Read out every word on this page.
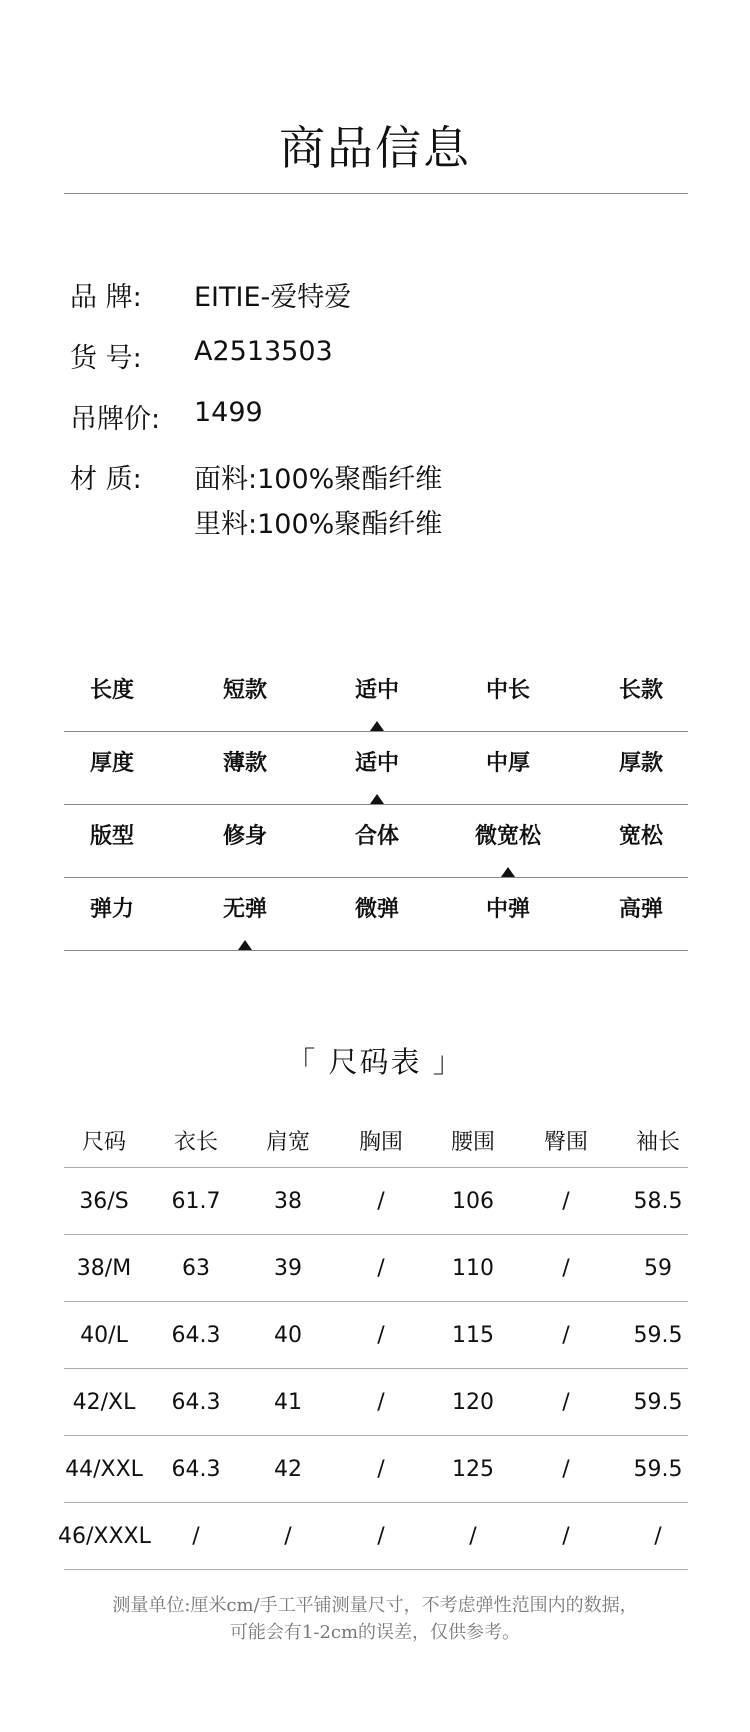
商品信息
品 牌:	EITIE-爱特爱
货 号:	A2513503
吊牌价:	1499
材 质:	面料:100%聚酯纤维
里料:100%聚酯纤维
长度	短款	适中	中长	长款
厚度	薄款	适中	中厚	厚款
版型	修身	合体	微宽松	宽松
弹力	无弹	微弹	中弹	高弹
「 尺码表 」
尺码	衣长	肩宽	胸围	腰围	臀围	袖长
36/S	61.7	38	/	106	/	58.5
38/M	63	39	/	110	/	59
40/L	64.3	40	/	115	/	59.5
42/XL	64.3	41	/	120	/	59.5
44/XXL	64.3	42	/	125	/	59.5
46/XXXL	/	/	/	/	/	/
测量单位:厘米cm/手工平铺测量尺寸，不考虑弹性范围内的数据，
可能会有1-2cm的误差，仅供参考。
